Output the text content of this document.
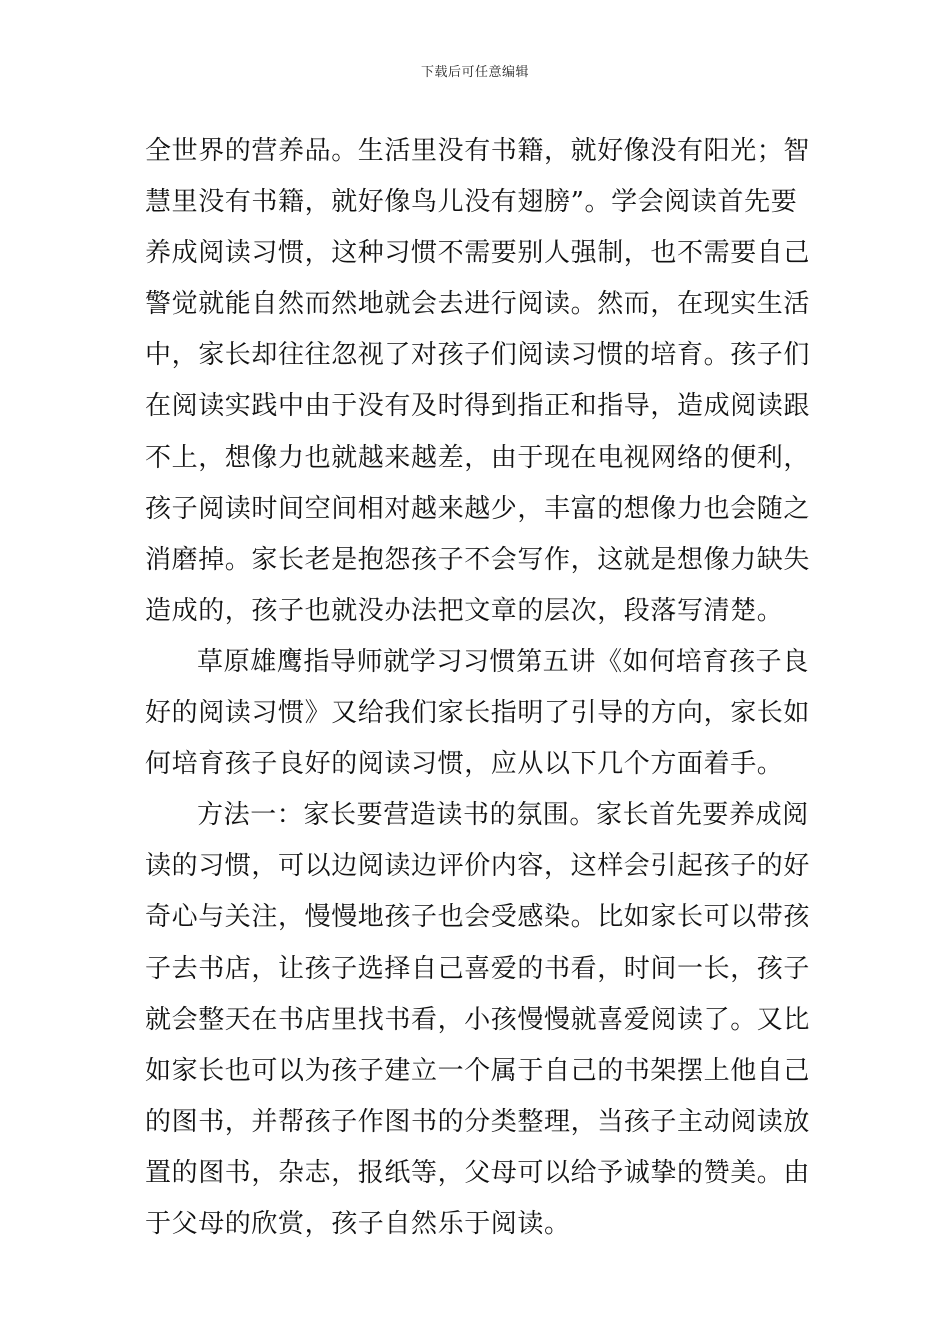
下载后可任意编辑
全世界的营养品。生活里没有书籍，就好像没有阳光；智
慧里没有书籍，就好像鸟儿没有翅膀”。学会阅读首先要
养成阅读习惯，这种习惯不需要别人强制，也不需要自己
警觉就能自然而然地就会去进行阅读。然而，在现实生活
中，家长却往往忽视了对孩子们阅读习惯的培育。孩子们
在阅读实践中由于没有及时得到指正和指导，造成阅读跟
不上，想像力也就越来越差，由于现在电视网络的便利，
孩子阅读时间空间相对越来越少，丰富的想像力也会随之
消磨掉。家长老是抱怨孩子不会写作，这就是想像力缺失
造成的，孩子也就没办法把文章的层次，段落写清楚。
草原雄鹰指导师就学习习惯第五讲《如何培育孩子良
好的阅读习惯》又给我们家长指明了引导的方向，家长如
何培育孩子良好的阅读习惯，应从以下几个方面着手。
方法一：家长要营造读书的氛围。家长首先要养成阅
读的习惯，可以边阅读边评价内容，这样会引起孩子的好
奇心与关注，慢慢地孩子也会受感染。比如家长可以带孩
子去书店，让孩子选择自己喜爱的书看，时间一长，孩子
就会整天在书店里找书看，小孩慢慢就喜爱阅读了。又比
如家长也可以为孩子建立一个属于自己的书架摆上他自己
的图书，并帮孩子作图书的分类整理，当孩子主动阅读放
置的图书，杂志，报纸等，父母可以给予诚挚的赞美。由
于父母的欣赏，孩子自然乐于阅读。
